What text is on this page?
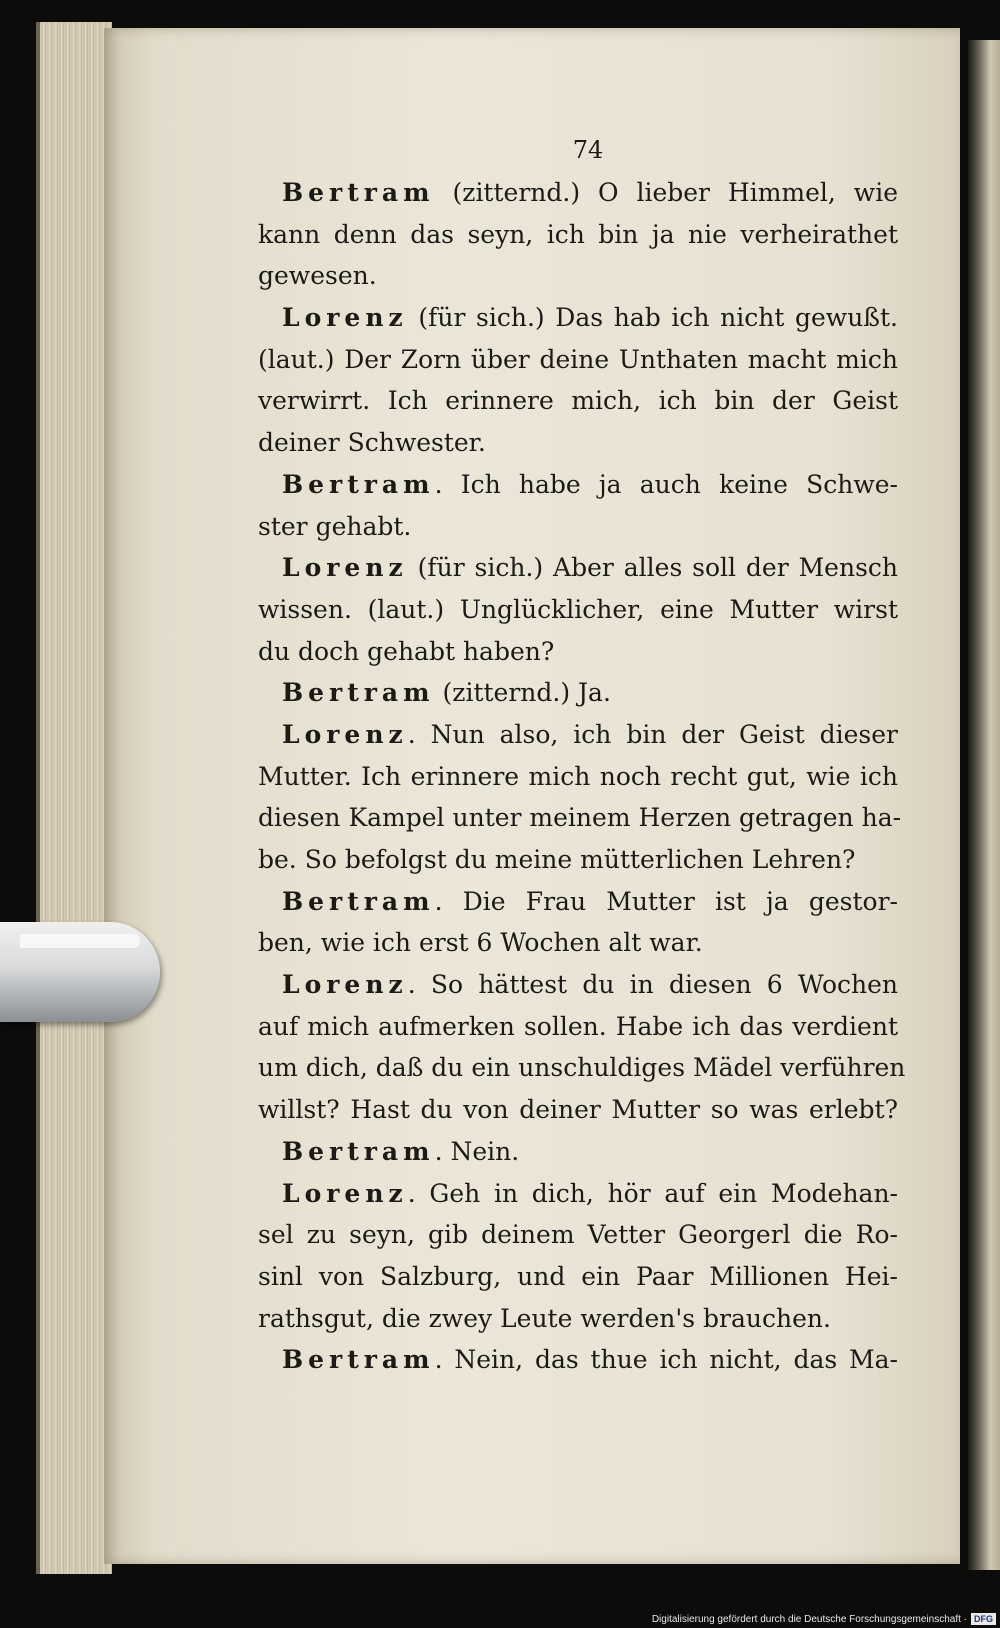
74
Bertram (zitternd.) O lieber Himmel, wie
kann denn das seyn, ich bin ja nie verheirathet
gewesen.
Lorenz (für sich.) Das hab ich nicht gewußt.
(laut.) Der Zorn über deine Unthaten macht mich
verwirrt. Ich erinnere mich, ich bin der Geist
deiner Schwester.
Bertram. Ich habe ja auch keine Schwe-
ster gehabt.
Lorenz (für sich.) Aber alles soll der Mensch
wissen. (laut.) Unglücklicher, eine Mutter wirst
du doch gehabt haben?
Bertram (zitternd.) Ja.
Lorenz. Nun also, ich bin der Geist dieser
Mutter. Ich erinnere mich noch recht gut, wie ich
diesen Kampel unter meinem Herzen getragen ha-
be. So befolgst du meine mütterlichen Lehren?
Bertram. Die Frau Mutter ist ja gestor-
ben, wie ich erst 6 Wochen alt war.
Lorenz. So hättest du in diesen 6 Wochen
auf mich aufmerken sollen. Habe ich das verdient
um dich, daß du ein unschuldiges Mädel verführen
willst? Hast du von deiner Mutter so was erlebt?
Bertram. Nein.
Lorenz. Geh in dich, hör auf ein Modehan-
sel zu seyn, gib deinem Vetter Georgerl die Ro-
sinl von Salzburg, und ein Paar Millionen Hei-
rathsgut, die zwey Leute werden's brauchen.
Bertram. Nein, das thue ich nicht, das Ma-
Digitalisierung gefördert durch die Deutsche Forschungsgemeinschaft · DFG
